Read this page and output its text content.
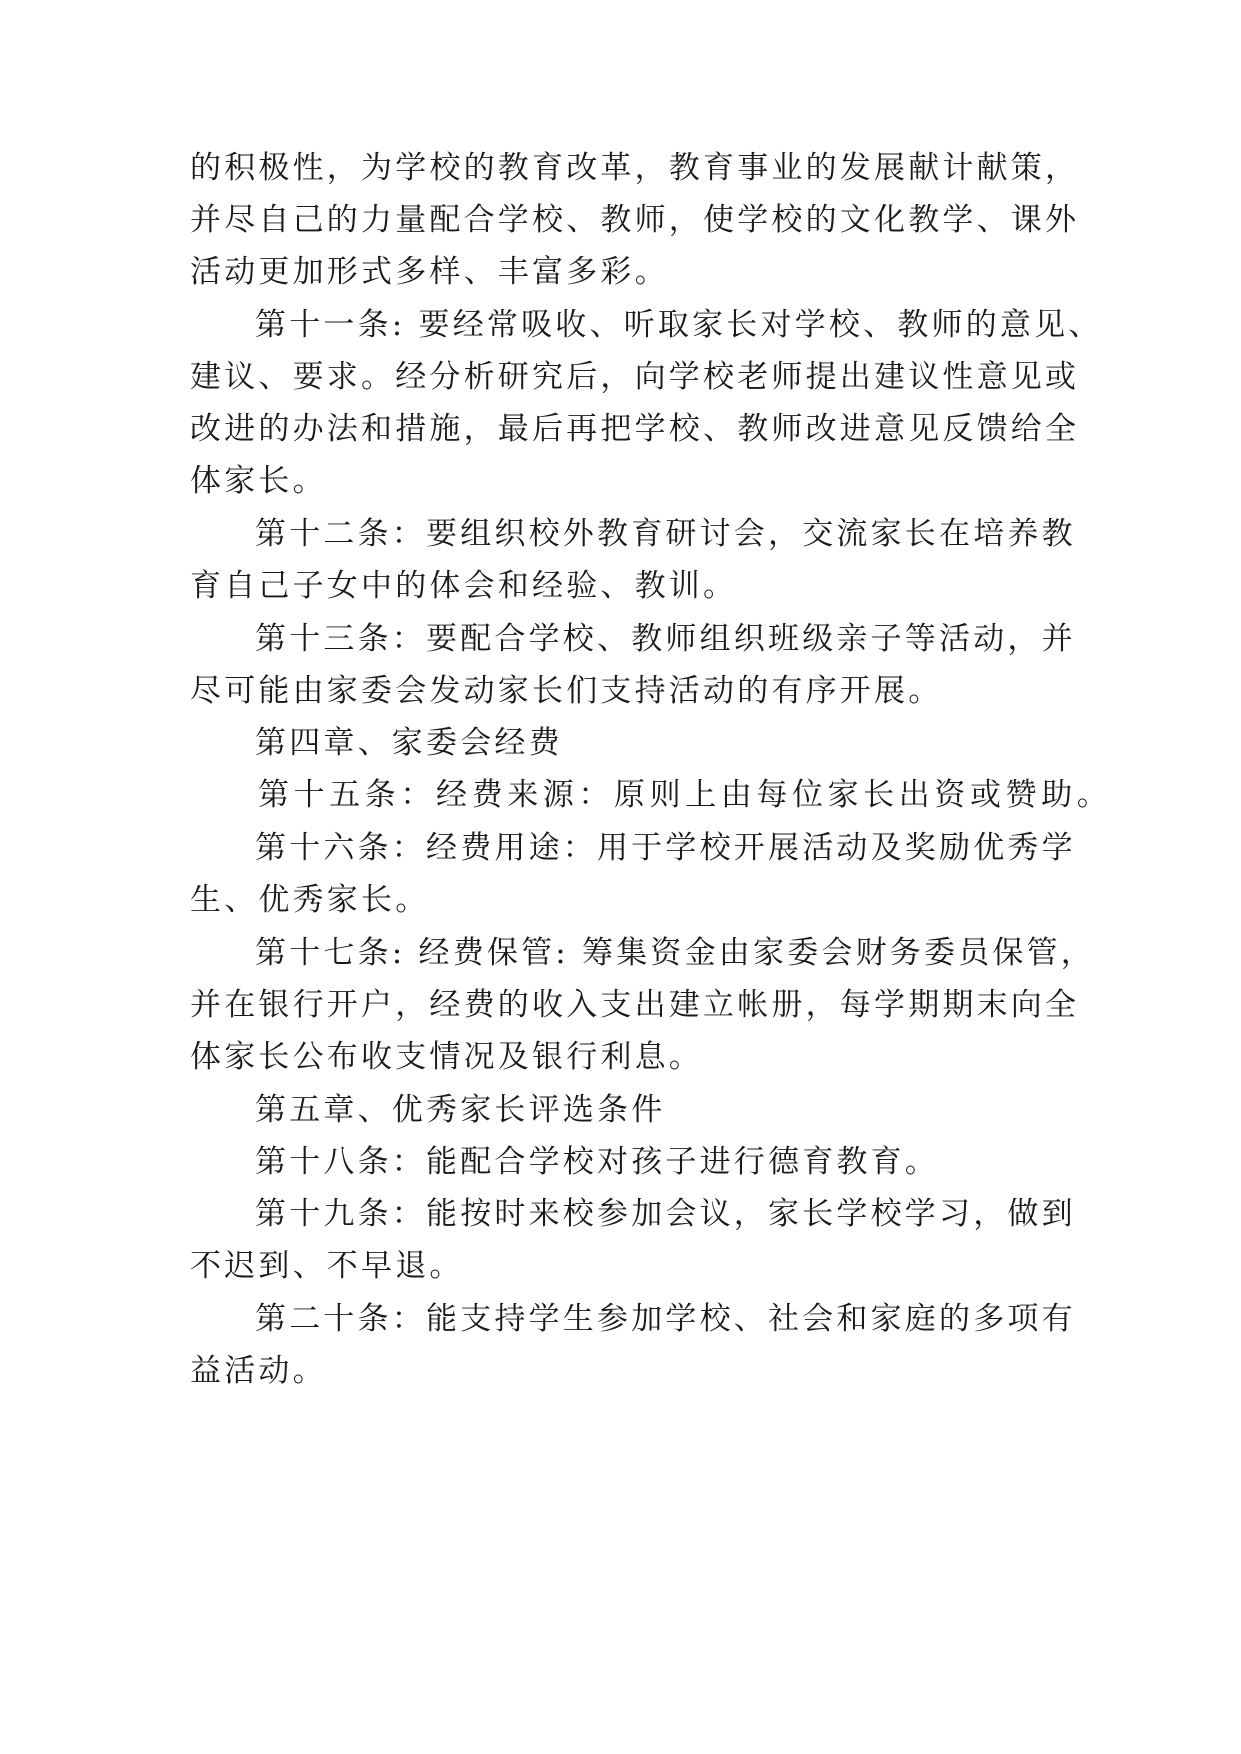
的积极性，为学校的教育改革，教育事业的发展献计献策，
并尽自己的力量配合学校、教师，使学校的文化教学、课外
活动更加形式多样、丰富多彩。
第十一条: 要经常吸收、听取家长对学校、教师的意见、
建议、要求。经分析研究后，向学校老师提出建议性意见或
改进的办法和措施，最后再把学校、教师改进意见反馈给全
体家长。
第十二条：要组织校外教育研讨会，交流家长在培养教
育自己子女中的体会和经验、教训。
第十三条：要配合学校、教师组织班级亲子等活动，并
尽可能由家委会发动家长们支持活动的有序开展。
第四章、家委会经费
第十五条：经费来源：原则上由每位家长出资或赞助。
第十六条：经费用途：用于学校开展活动及奖励优秀学
生、优秀家长。
第十七条: 经费保管: 筹集资金由家委会财务委员保管，
并在银行开户，经费的收入支出建立帐册，每学期期末向全
体家长公布收支情况及银行利息。
第五章、优秀家长评选条件
第十八条：能配合学校对孩子进行德育教育。
第十九条：能按时来校参加会议，家长学校学习，做到
不迟到、不早退。
第二十条：能支持学生参加学校、社会和家庭的多项有
益活动。
